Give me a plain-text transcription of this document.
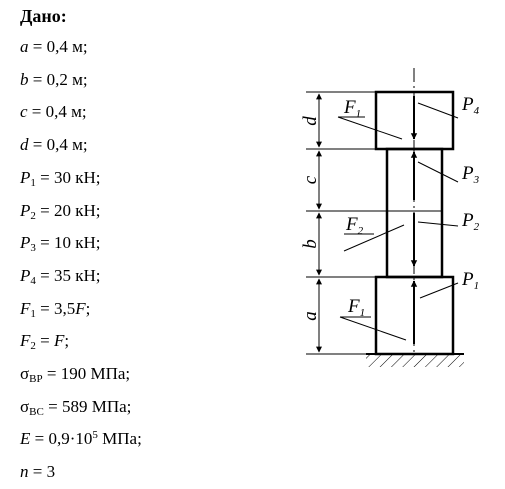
Дано:
a = 0,4 м;
b = 0,2 м;
c = 0,4 м;
d = 0,4 м;
$P_1 = 30$ кН;
$P_2 = 20$ кН;
$P_3 = 10$ кН;
$P_4 = 35$ кН;
$F_1 = 3,5F$;
$F_2 = F$;
$\sigma_{ВР} = 190$ МПа;
$\sigma_{ВС} = 589$ МПа;
$E = 0,9\cdot 10^5$ МПа;
n = 3
d
c
b
a
$F_1$
$F_2$
$F_1$
$P_4$
$P_3$
$P_2$
$P_1$
